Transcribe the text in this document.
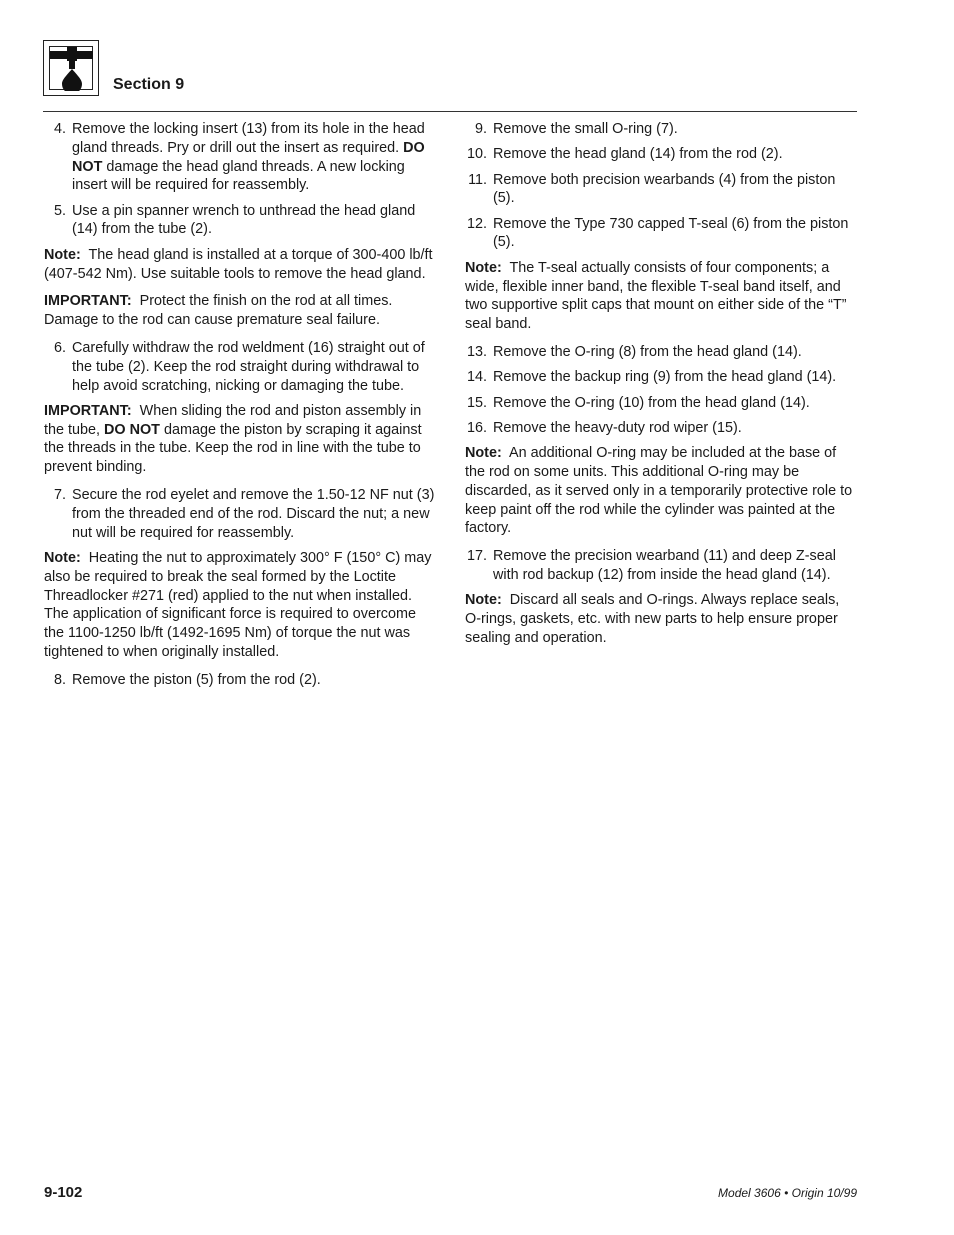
Section 9
4. Remove the locking insert (13) from its hole in the head gland threads. Pry or drill out the insert as required. DO NOT damage the head gland threads. A new locking insert will be required for reassembly.
5. Use a pin spanner wrench to unthread the head gland (14) from the tube (2).
Note:  The head gland is installed at a torque of 300-400 lb/ft (407-542 Nm). Use suitable tools to remove the head gland.
IMPORTANT:  Protect the finish on the rod at all times. Damage to the rod can cause premature seal failure.
6. Carefully withdraw the rod weldment (16) straight out of the tube (2). Keep the rod straight during withdrawal to help avoid scratching, nicking or damaging the tube.
IMPORTANT:  When sliding the rod and piston assembly in the tube, DO NOT damage the piston by scraping it against the threads in the tube. Keep the rod in line with the tube to prevent binding.
7. Secure the rod eyelet and remove the 1.50-12 NF nut (3) from the threaded end of the rod. Discard the nut; a new nut will be required for reassembly.
Note:  Heating the nut to approximately 300° F (150° C) may also be required to break the seal formed by the Loctite Threadlocker #271 (red) applied to the nut when installed. The application of significant force is required to overcome the 1100-1250 lb/ft (1492-1695 Nm) of torque the nut was tightened to when originally installed.
8. Remove the piston (5) from the rod (2).
9. Remove the small O-ring (7).
10. Remove the head gland (14) from the rod (2).
11. Remove both precision wearbands (4) from the piston (5).
12. Remove the Type 730 capped T-seal (6) from the piston (5).
Note:  The T-seal actually consists of four components; a wide, flexible inner band, the flexible T-seal band itself, and two supportive split caps that mount on either side of the “T” seal band.
13. Remove the O-ring (8) from the head gland (14).
14. Remove the backup ring (9) from the head gland (14).
15. Remove the O-ring (10) from the head gland (14).
16. Remove the heavy-duty rod wiper (15).
Note:  An additional O-ring may be included at the base of the rod on some units. This additional O-ring may be discarded, as it served only in a temporarily protective role to keep paint off the rod while the cylinder was painted at the factory.
17. Remove the precision wearband (11) and deep Z-seal with rod backup (12) from inside the head gland (14).
Note:  Discard all seals and O-rings. Always replace seals, O-rings, gaskets, etc. with new parts to help ensure proper sealing and operation.
9-102	Model 3606 • Origin 10/99
